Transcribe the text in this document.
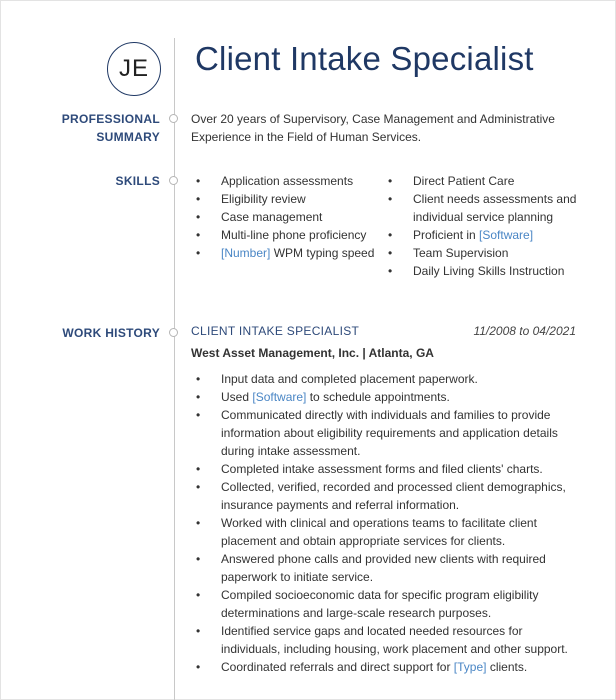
JE Client Intake Specialist
PROFESSIONAL
SUMMARY
Over 20 years of Supervisory, Case Management and Administrative Experience in the Field of Human Services.
SKILLS
•	Application assessments
• Eligibility review
• Case management
• Multi-line phone proficiency
• [Number] WPM typing speed
• Direct Patient Care
• Client needs assessments and individual service planning
• Proficient in [Software]
• Team Supervision
• Daily Living Skills Instruction
WORK HISTORY	CLIENT INTAKE SPECIALIST	11/2008 to 04/2021
West Asset Management, Inc. | Atlanta, GA
• Input data and completed placement paperwork.
• Used [Software] to schedule appointments.
• Communicated directly with individuals and families to provide information about eligibility requirements and application details during intake assessment.
• Completed intake assessment forms and filed clients' charts.
• Collected, verified, recorded and processed client demographics, insurance payments and referral information.
• Worked with clinical and operations teams to facilitate client placement and obtain appropriate services for clients.
• Answered phone calls and provided new clients with required paperwork to initiate service.
• Compiled socioeconomic data for specific program eligibility determinations and large-scale research purposes.
• Identified service gaps and located needed resources for individuals, including housing, work placement and other support.
• Coordinated referrals and direct support for [Type] clients.
